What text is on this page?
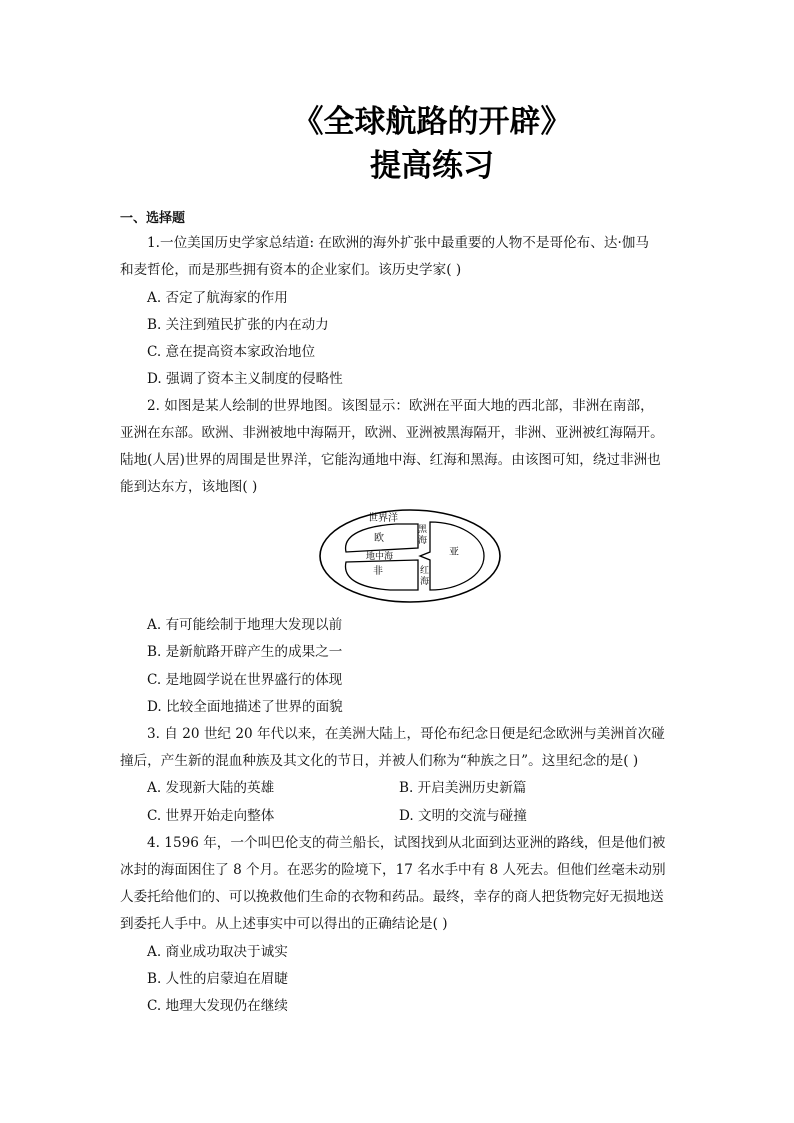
《全球航路的开辟》
提高练习
一、选择题
1.一位美国历史学家总结道: 在欧洲的海外扩张中最重要的人物不是哥伦布、达·伽马
和麦哲伦，而是那些拥有资本的企业家们。该历史学家( )
A. 否定了航海家的作用
B. 关注到殖民扩张的内在动力
C. 意在提高资本家政治地位
D. 强调了资本主义制度的侵略性
2. 如图是某人绘制的世界地图。该图显示：欧洲在平面大地的西北部，非洲在南部，
亚洲在东部。欧洲、非洲被地中海隔开，欧洲、亚洲被黑海隔开，非洲、亚洲被红海隔开。
陆地(人居)世界的周围是世界洋，它能沟通地中海、红海和黑海。由该图可知，绕过非洲也
能到达东方，该地图( )
世界洋
欧
非
亚
黑
海
红
海
地中海
A. 有可能绘制于地理大发现以前
B. 是新航路开辟产生的成果之一
C. 是地圆学说在世界盛行的体现
D. 比较全面地描述了世界的面貌
3. 自 20 世纪 20 年代以来，在美洲大陆上，哥伦布纪念日便是纪念欧洲与美洲首次碰
撞后，产生新的混血种族及其文化的节日，并被人们称为“种族之日”。这里纪念的是( )
A. 发现新大陆的英雄	B. 开启美洲历史新篇
C. 世界开始走向整体	D. 文明的交流与碰撞
4. 1596 年，一个叫巴伦支的荷兰船长，试图找到从北面到达亚洲的路线，但是他们被
冰封的海面困住了 8 个月。在恶劣的险境下，17 名水手中有 8 人死去。但他们丝毫未动别
人委托给他们的、可以挽救他们生命的衣物和药品。最终，幸存的商人把货物完好无损地送
到委托人手中。从上述事实中可以得出的正确结论是( )
A. 商业成功取决于诚实
B. 人性的启蒙迫在眉睫
C. 地理大发现仍在继续
